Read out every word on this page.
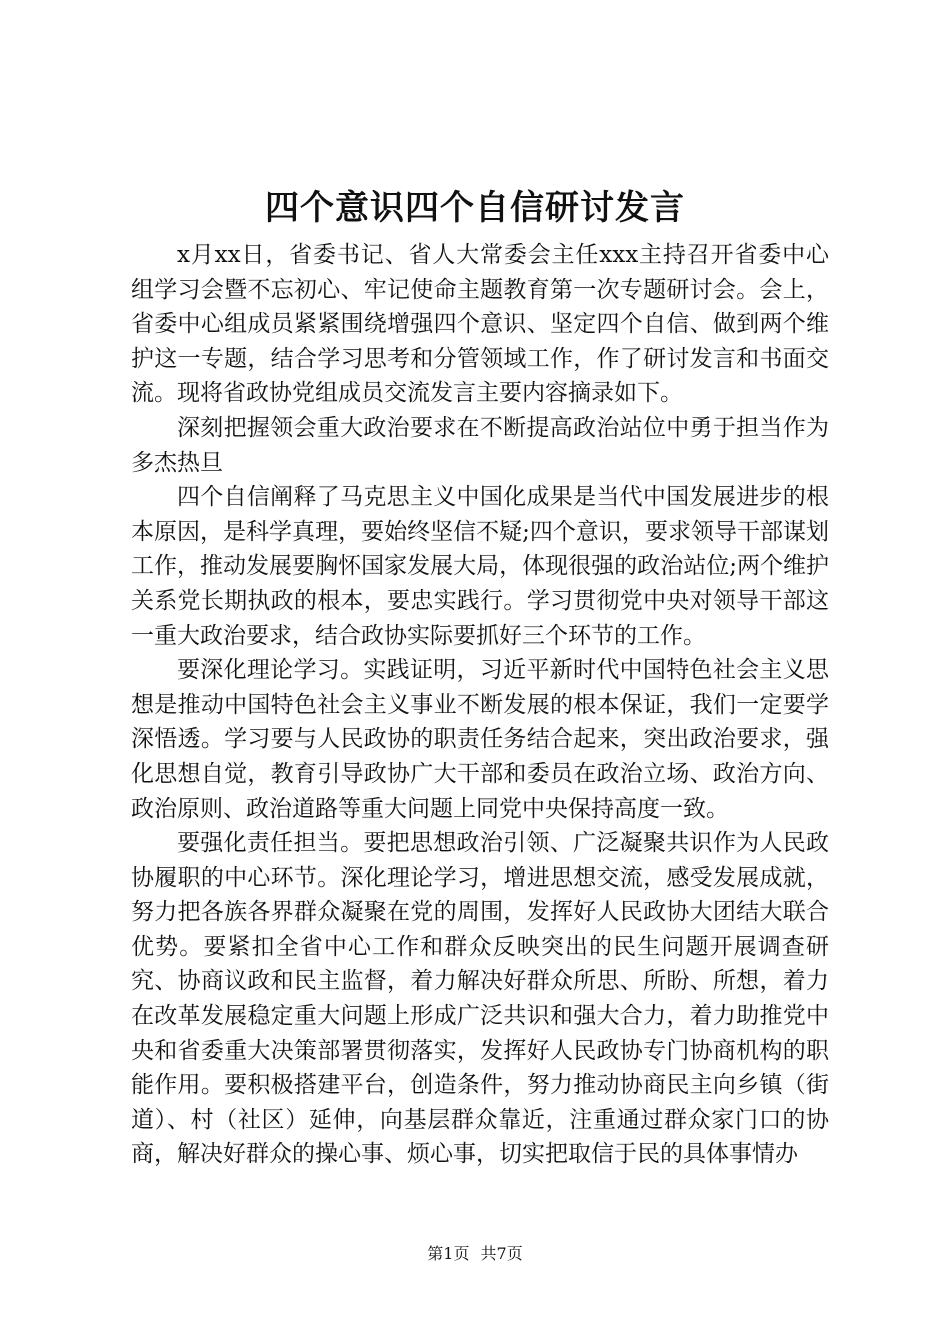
四个意识四个自信研讨发言

x月xx日，省委书记、省人大常委会主任xxx主持召开省委中心组学习会暨不忘初心、牢记使命主题教育第一次专题研讨会。会上，省委中心组成员紧紧围绕增强四个意识、坚定四个自信、做到两个维护这一专题，结合学习思考和分管领域工作，作了研讨发言和书面交流。现将省政协党组成员交流发言主要内容摘录如下。

深刻把握领会重大政治要求在不断提高政治站位中勇于担当作为多杰热旦

四个自信阐释了马克思主义中国化成果是当代中国发展进步的根本原因，是科学真理，要始终坚信不疑;四个意识，要求领导干部谋划工作，推动发展要胸怀国家发展大局，体现很强的政治站位;两个维护关系党长期执政的根本，要忠实践行。学习贯彻党中央对领导干部这一重大政治要求，结合政协实际要抓好三个环节的工作。

要深化理论学习。实践证明，习近平新时代中国特色社会主义思想是推动中国特色社会主义事业不断发展的根本保证，我们一定要学深悟透。学习要与人民政协的职责任务结合起来，突出政治要求，强化思想自觉，教育引导政协广大干部和委员在政治立场、政治方向、政治原则、政治道路等重大问题上同党中央保持高度一致。

要强化责任担当。要把思想政治引领、广泛凝聚共识作为人民政协履职的中心环节。深化理论学习，增进思想交流，感受发展成就，努力把各族各界群众凝聚在党的周围，发挥好人民政协大团结大联合优势。要紧扣全省中心工作和群众反映突出的民生问题开展调查研究、协商议政和民主监督，着力解决好群众所思、所盼、所想，着力在改革发展稳定重大问题上形成广泛共识和强大合力，着力助推党中央和省委重大决策部署贯彻落实，发挥好人民政协专门协商机构的职能作用。要积极搭建平台，创造条件，努力推动协商民主向乡镇（街道）、村（社区）延伸，向基层群众靠近，注重通过群众家门口的协商，解决好群众的操心事、烦心事，切实把取信于民的具体事情办

第1页 共7页
